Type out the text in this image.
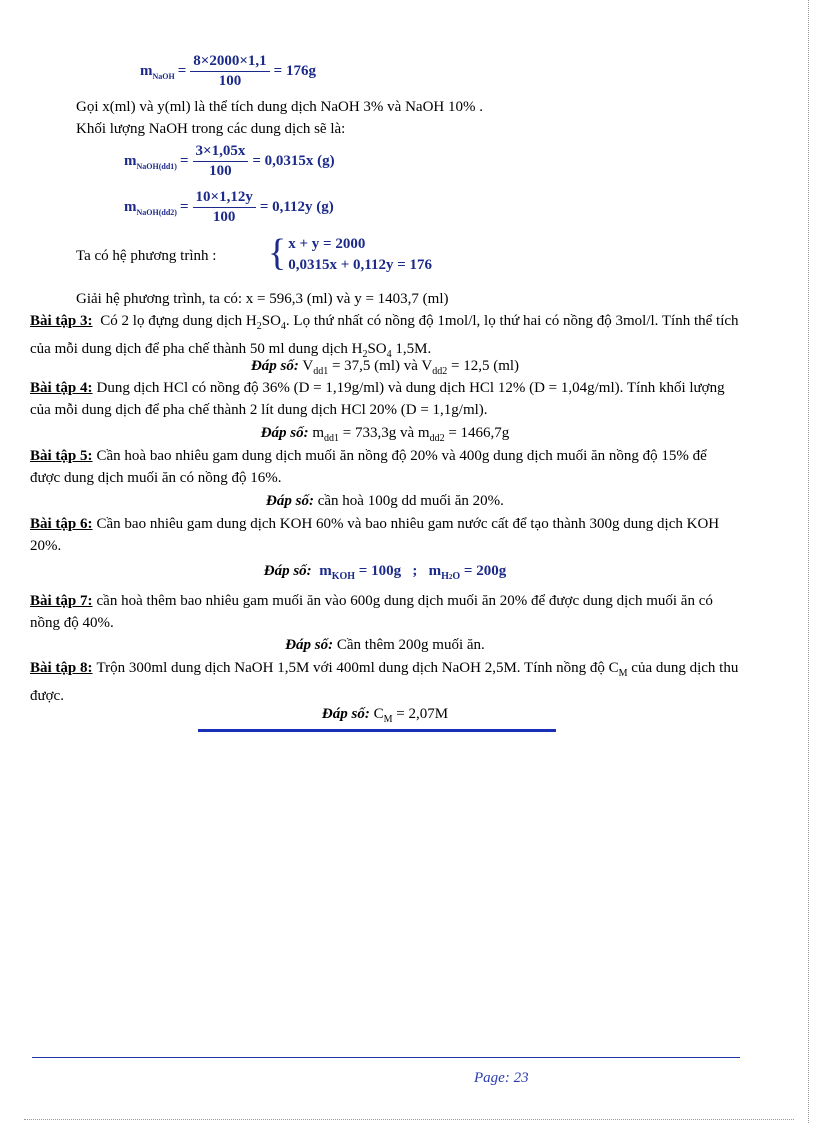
m NaOH = $\frac{8\times 2000\times 1,1}{100} = 176g$
Gọi x(ml) và y(ml) là thể tích dung dịch NaOH 3% và NaOH 10% .
Khối lượng NaOH trong các dung dịch sẽ là:
m NaOH(dd1) = $\frac{3\times 1,05x}{100} = 0,0315x$ (g)
m NaOH(dd2) = $\frac{10\times 1,12y}{100} = 0,112y$ (g)
Ta có hệ phương trình :	{ x + y = 2000
0,0315x + 0,112y = 176
Giải hệ phương trình, ta có: x = 596,3 (ml) và y = 1403,7 (ml)
Bài tập 3: Có 2 lọ đựng dung dịch $H_2SO_4$. Lọ thứ nhất có nồng độ 1mol/l, lọ thứ hai có nồng độ 3mol/l. Tính thể tích của mỗi dung dịch để pha chế thành 50 ml dung dịch $H_2SO_4$ 1,5M.
Đáp số: $V_{dd1} = 37,5$ (ml) và $V_{dd2} = 12,5$ (ml)
Bài tập 4: Dung dịch HCl có nồng độ 36% (D = 1,19g/ml) và dung dịch HCl 12% (D = 1,04g/ml). Tính khối lượng của mỗi dung dịch để pha chế thành 2 lít dung dịch HCl 20% (D = 1,1g/ml).
Đáp số: $m_{dd1} = 733,3g$ và $m_{dd2} = 1466,7g$
Bài tập 5: Cần hoà bao nhiêu gam dung dịch muối ăn nồng độ 20% và 400g dung dịch muối ăn nồng độ 15% để được dung dịch muối ăn có nồng độ 16%.
Đáp số: cần hoà 100g dd muối ăn 20%.
Bài tập 6: Cần bao nhiêu gam dung dịch KOH 60% và bao nhiêu gam nước cất để tạo thành 300g dung dịch KOH 20%.
Đáp số: $m_{KOH} = 100g$ ; $m_{H2O} = 200g$
Bài tập 7: cần hoà thêm bao nhiêu gam muối ăn vào 600g dung dịch muối ăn 20% để được dung dịch muối ăn có nồng độ 40%.
Đáp số: Cần thêm 200g muối ăn.
Bài tập 8: Trộn 300ml dung dịch NaOH 1,5M với 400ml dung dịch NaOH 2,5M. Tính nồng độ $C_M$ của dung dịch thu được.
Đáp số: $C_M = 2,07M$
Page: 23
